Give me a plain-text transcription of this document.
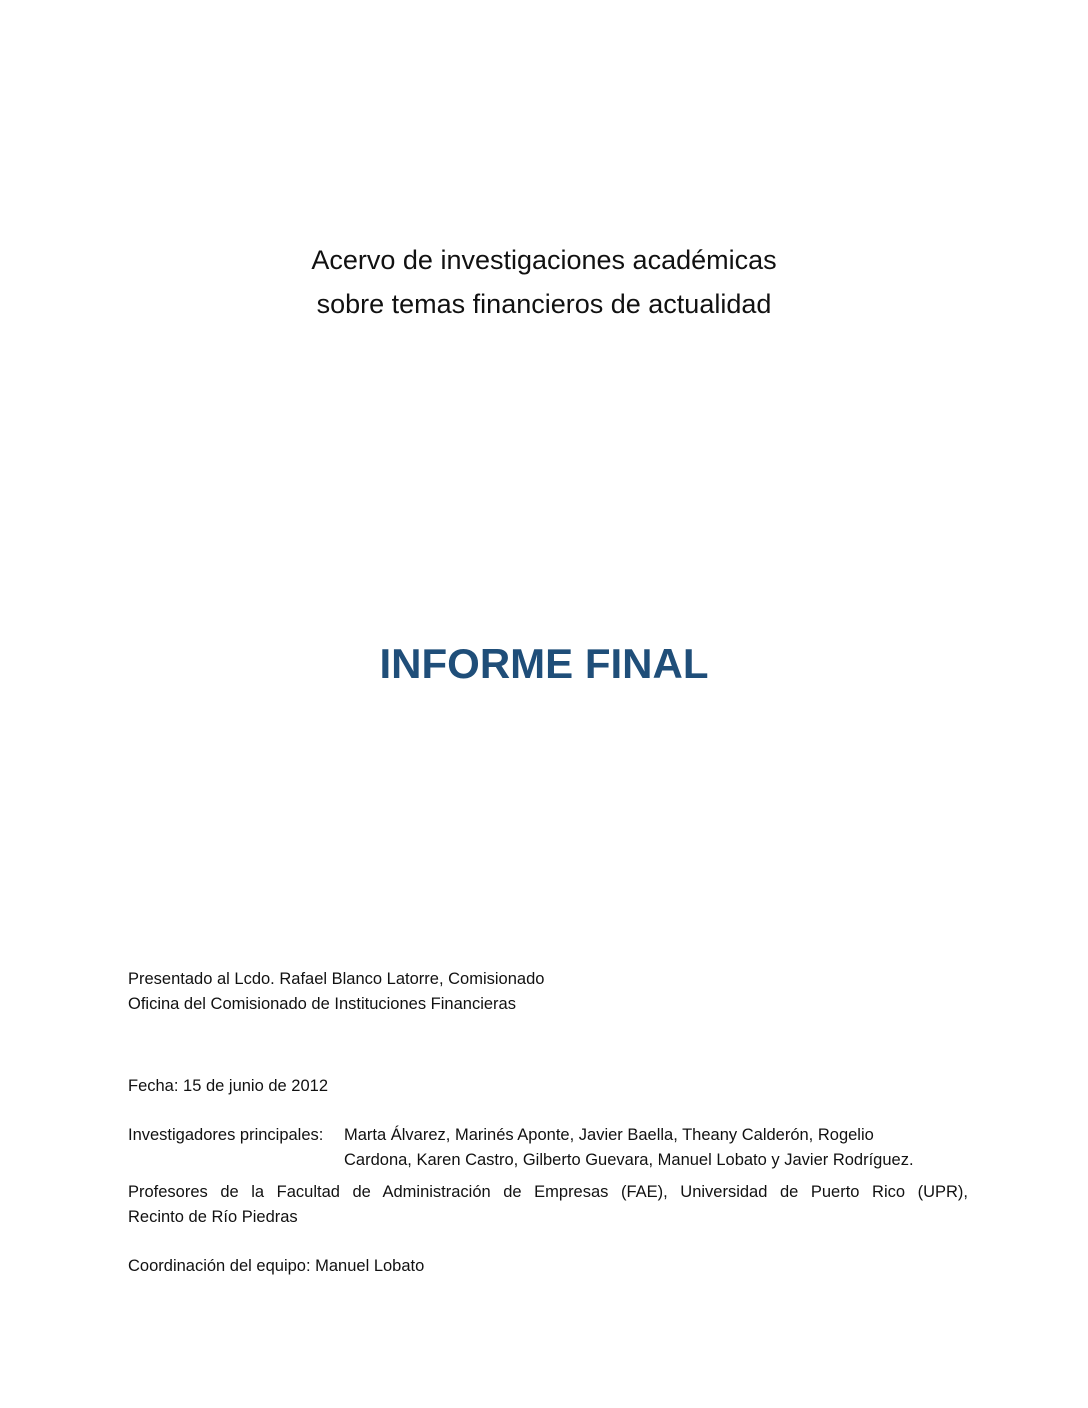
Acervo de investigaciones académicas
sobre temas financieros de actualidad
INFORME FINAL
Presentado al Lcdo. Rafael Blanco Latorre, Comisionado
Oficina del Comisionado de Instituciones Financieras
Fecha: 15 de junio de 2012
Investigadores principales:	Marta Álvarez, Marinés Aponte, Javier Baella, Theany Calderón, Rogelio
Cardona, Karen Castro, Gilberto Guevara, Manuel Lobato y Javier Rodríguez.
Profesores de la Facultad de Administración de Empresas (FAE), Universidad de Puerto Rico (UPR),
Recinto de Río Piedras
Coordinación del equipo: Manuel Lobato
